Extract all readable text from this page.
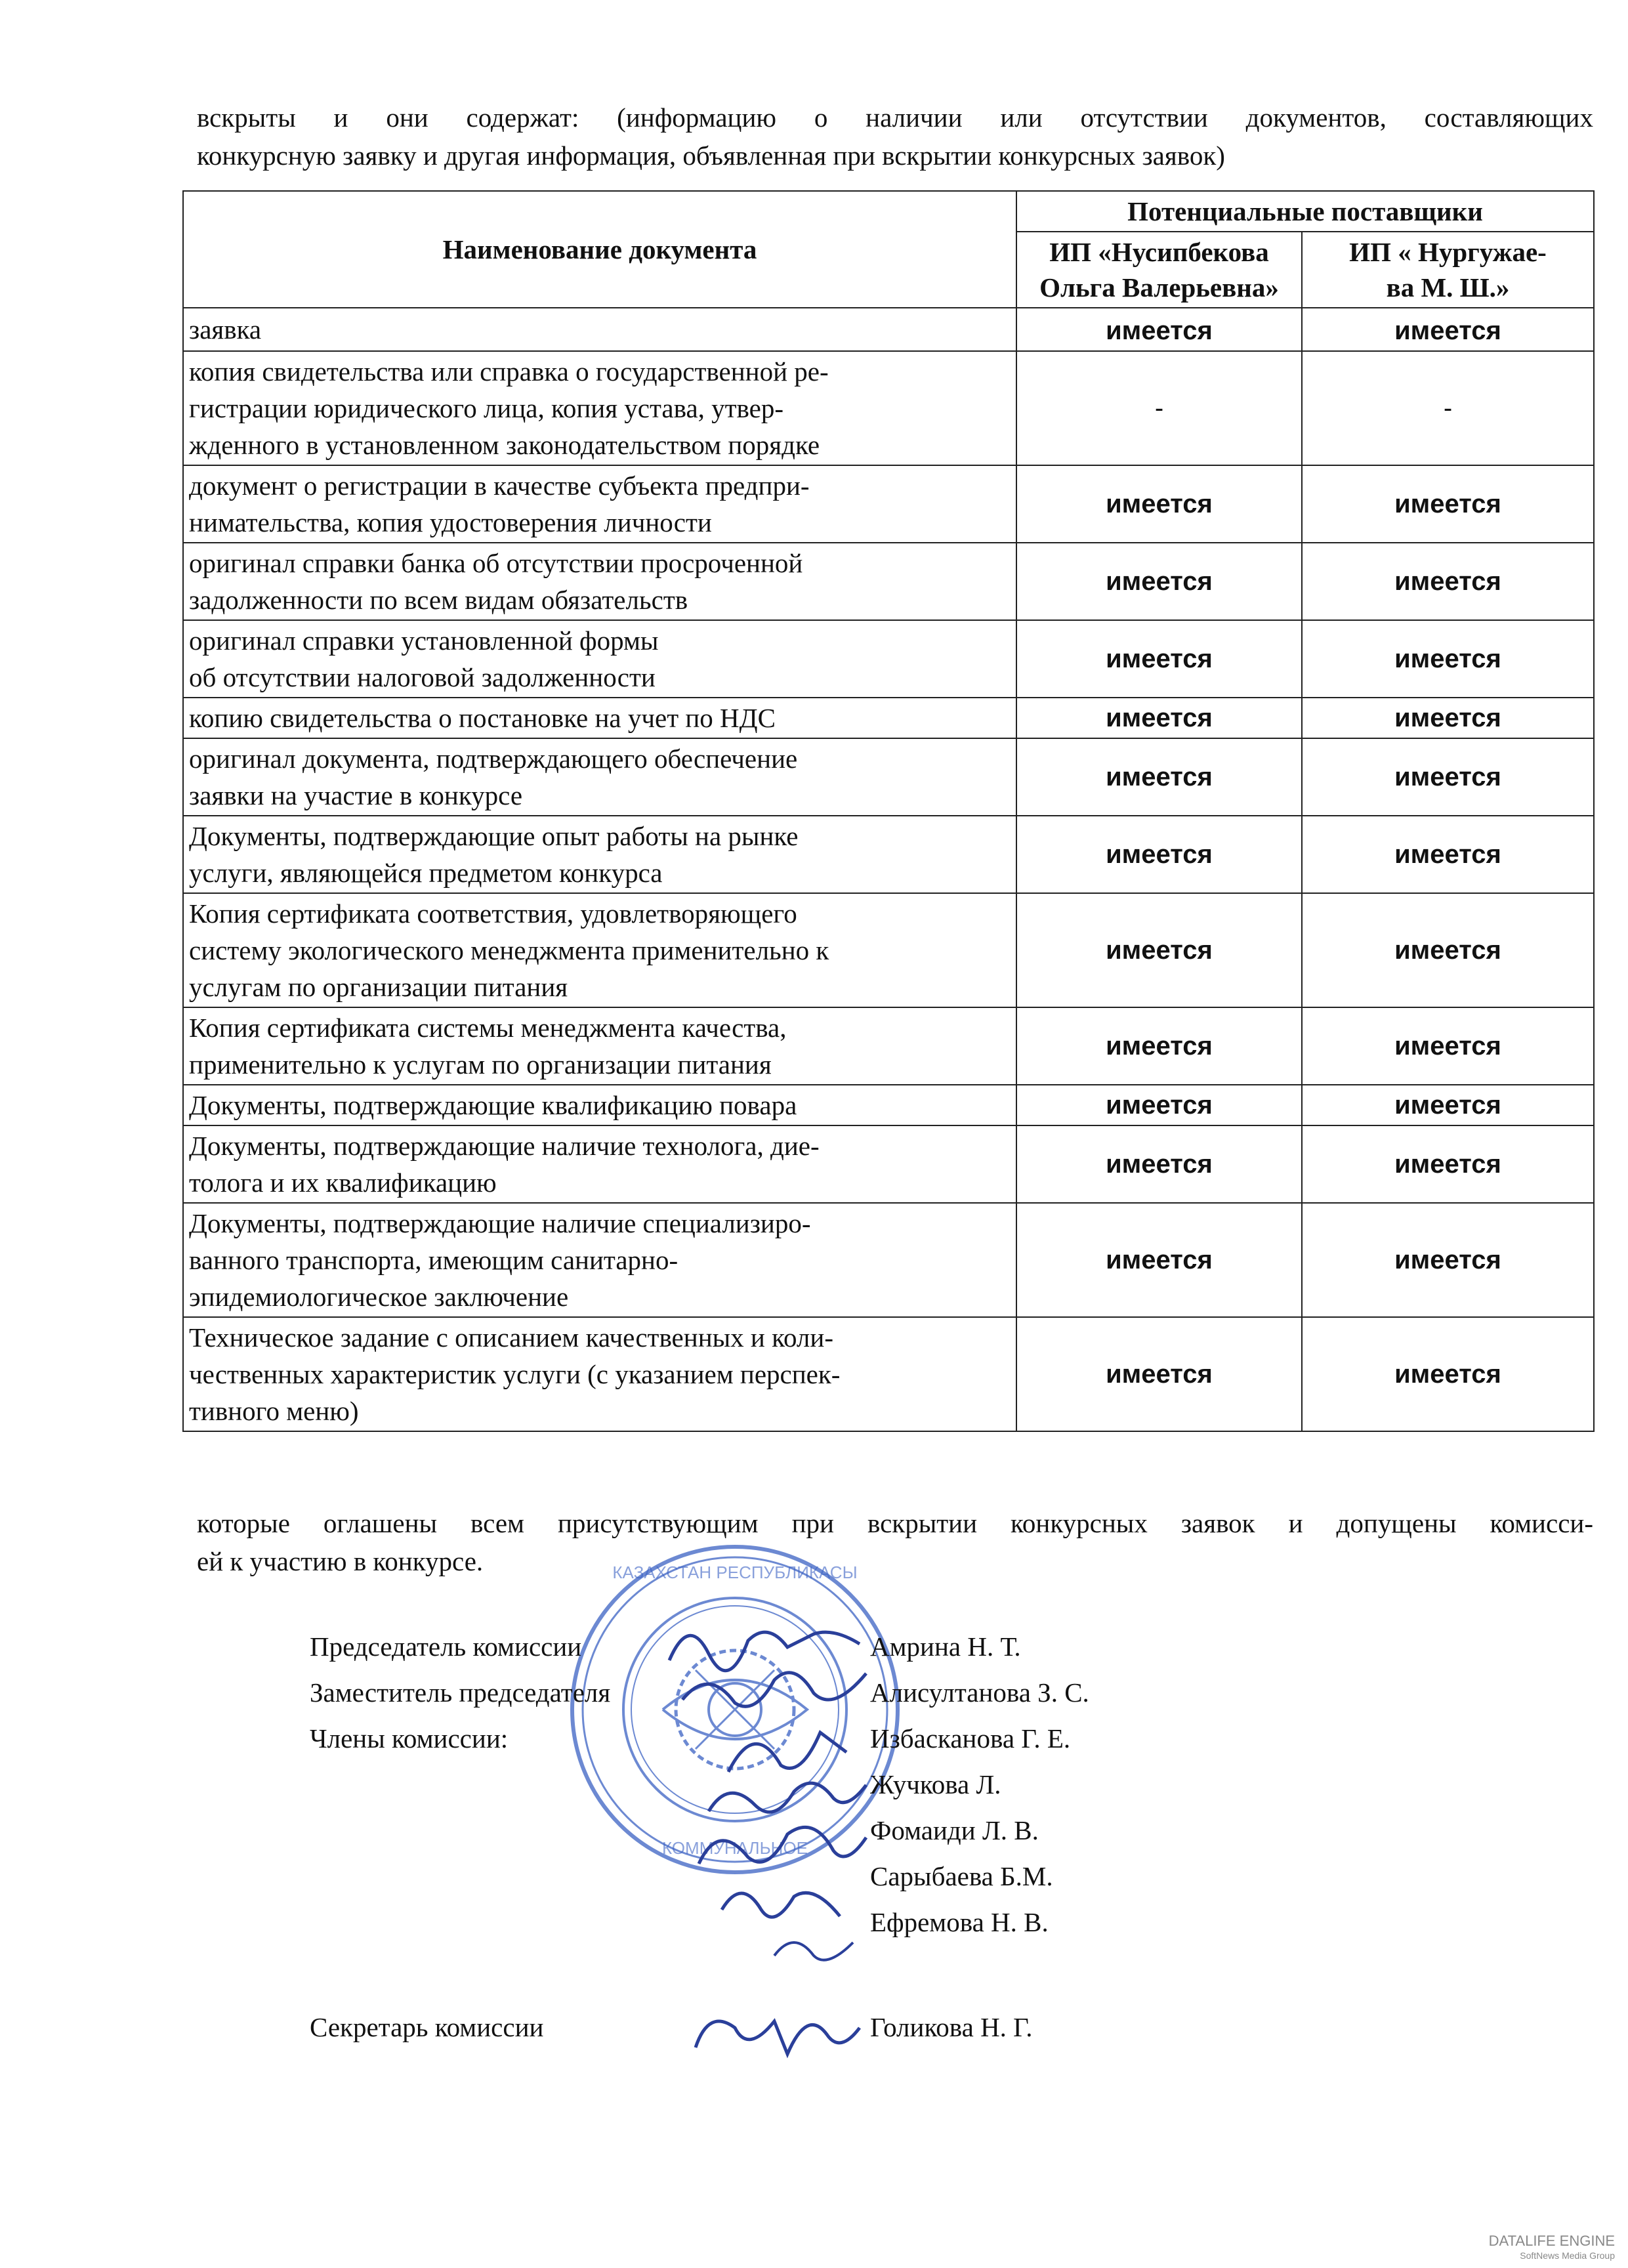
вскрыты и они содержат: (информацию о наличии или отсутствии документов, составляющих
конкурсную заявку и другая информация, объявленная при вскрытии конкурсных заявок)
Наименование документа	Потенциальные поставщики	

	ИП «Нусипбекова
Ольга Валерьевна»	ИП « Нургужае-
ва М. Ш.»

заявка	имеется	имеется

копия свидетельства или справка о государственной ре-
гистрации юридического лица, копия устава, утвер-
жденного в установленном законодательством порядке	-	-

документ о регистрации в качестве субъекта предпри-
нимательства, копия удостоверения личности	имеется	имеется

оригинал справки банка об отсутствии просроченной
задолженности по всем видам обязательств	имеется	имеется

оригинал справки установленной формы
об отсутствии налоговой задолженности	имеется	имеется

копию свидетельства о постановке на учет по НДС	имеется	имеется

оригинал документа, подтверждающего обеспечение
заявки на участие в конкурсе	имеется	имеется

Документы, подтверждающие опыт работы на рынке
услуги, являющейся предметом конкурса	имеется	имеется

Копия сертификата соответствия, удовлетворяющего
систему экологического менеджмента применительно к
услугам по организации питания	имеется	имеется

Копия сертификата системы менеджмента качества,
применительно к услугам по организации питания	имеется	имеется

Документы, подтверждающие квалификацию повара	имеется	имеется

Документы, подтверждающие наличие технолога, дие-
толога и их квалификацию	имеется	имеется

Документы, подтверждающие наличие специализиро-
ванного транспорта, имеющим санитарно-
эпидемиологическое заключение	имеется	имеется

Техническое задание с описанием качественных и коли-
чественных характеристик услуги (с указанием перспек-
тивного меню)	имеется	имеется
которые оглашены всем присутствующим при вскрытии конкурсных заявок и допущены комисси-
ей к участию в конкурсе.	КАЗАХСТАН РЕСПУБЛИКАСЫ
КОММУНАЛЬНОЕ
Председатель комиссии	Амрина Н. Т.
Заместитель председателя	Алисултанова З. С.
Члены комиссии:	Избасканова Г. Е.
Жучкова Л.
Фомаиди Л. В.
Сарыбаева Б.М.
Ефремова Н. В.
Секретарь комиссии	Голикова Н. Г.
DATALIFE ENGINE
SoftNews Media Group
